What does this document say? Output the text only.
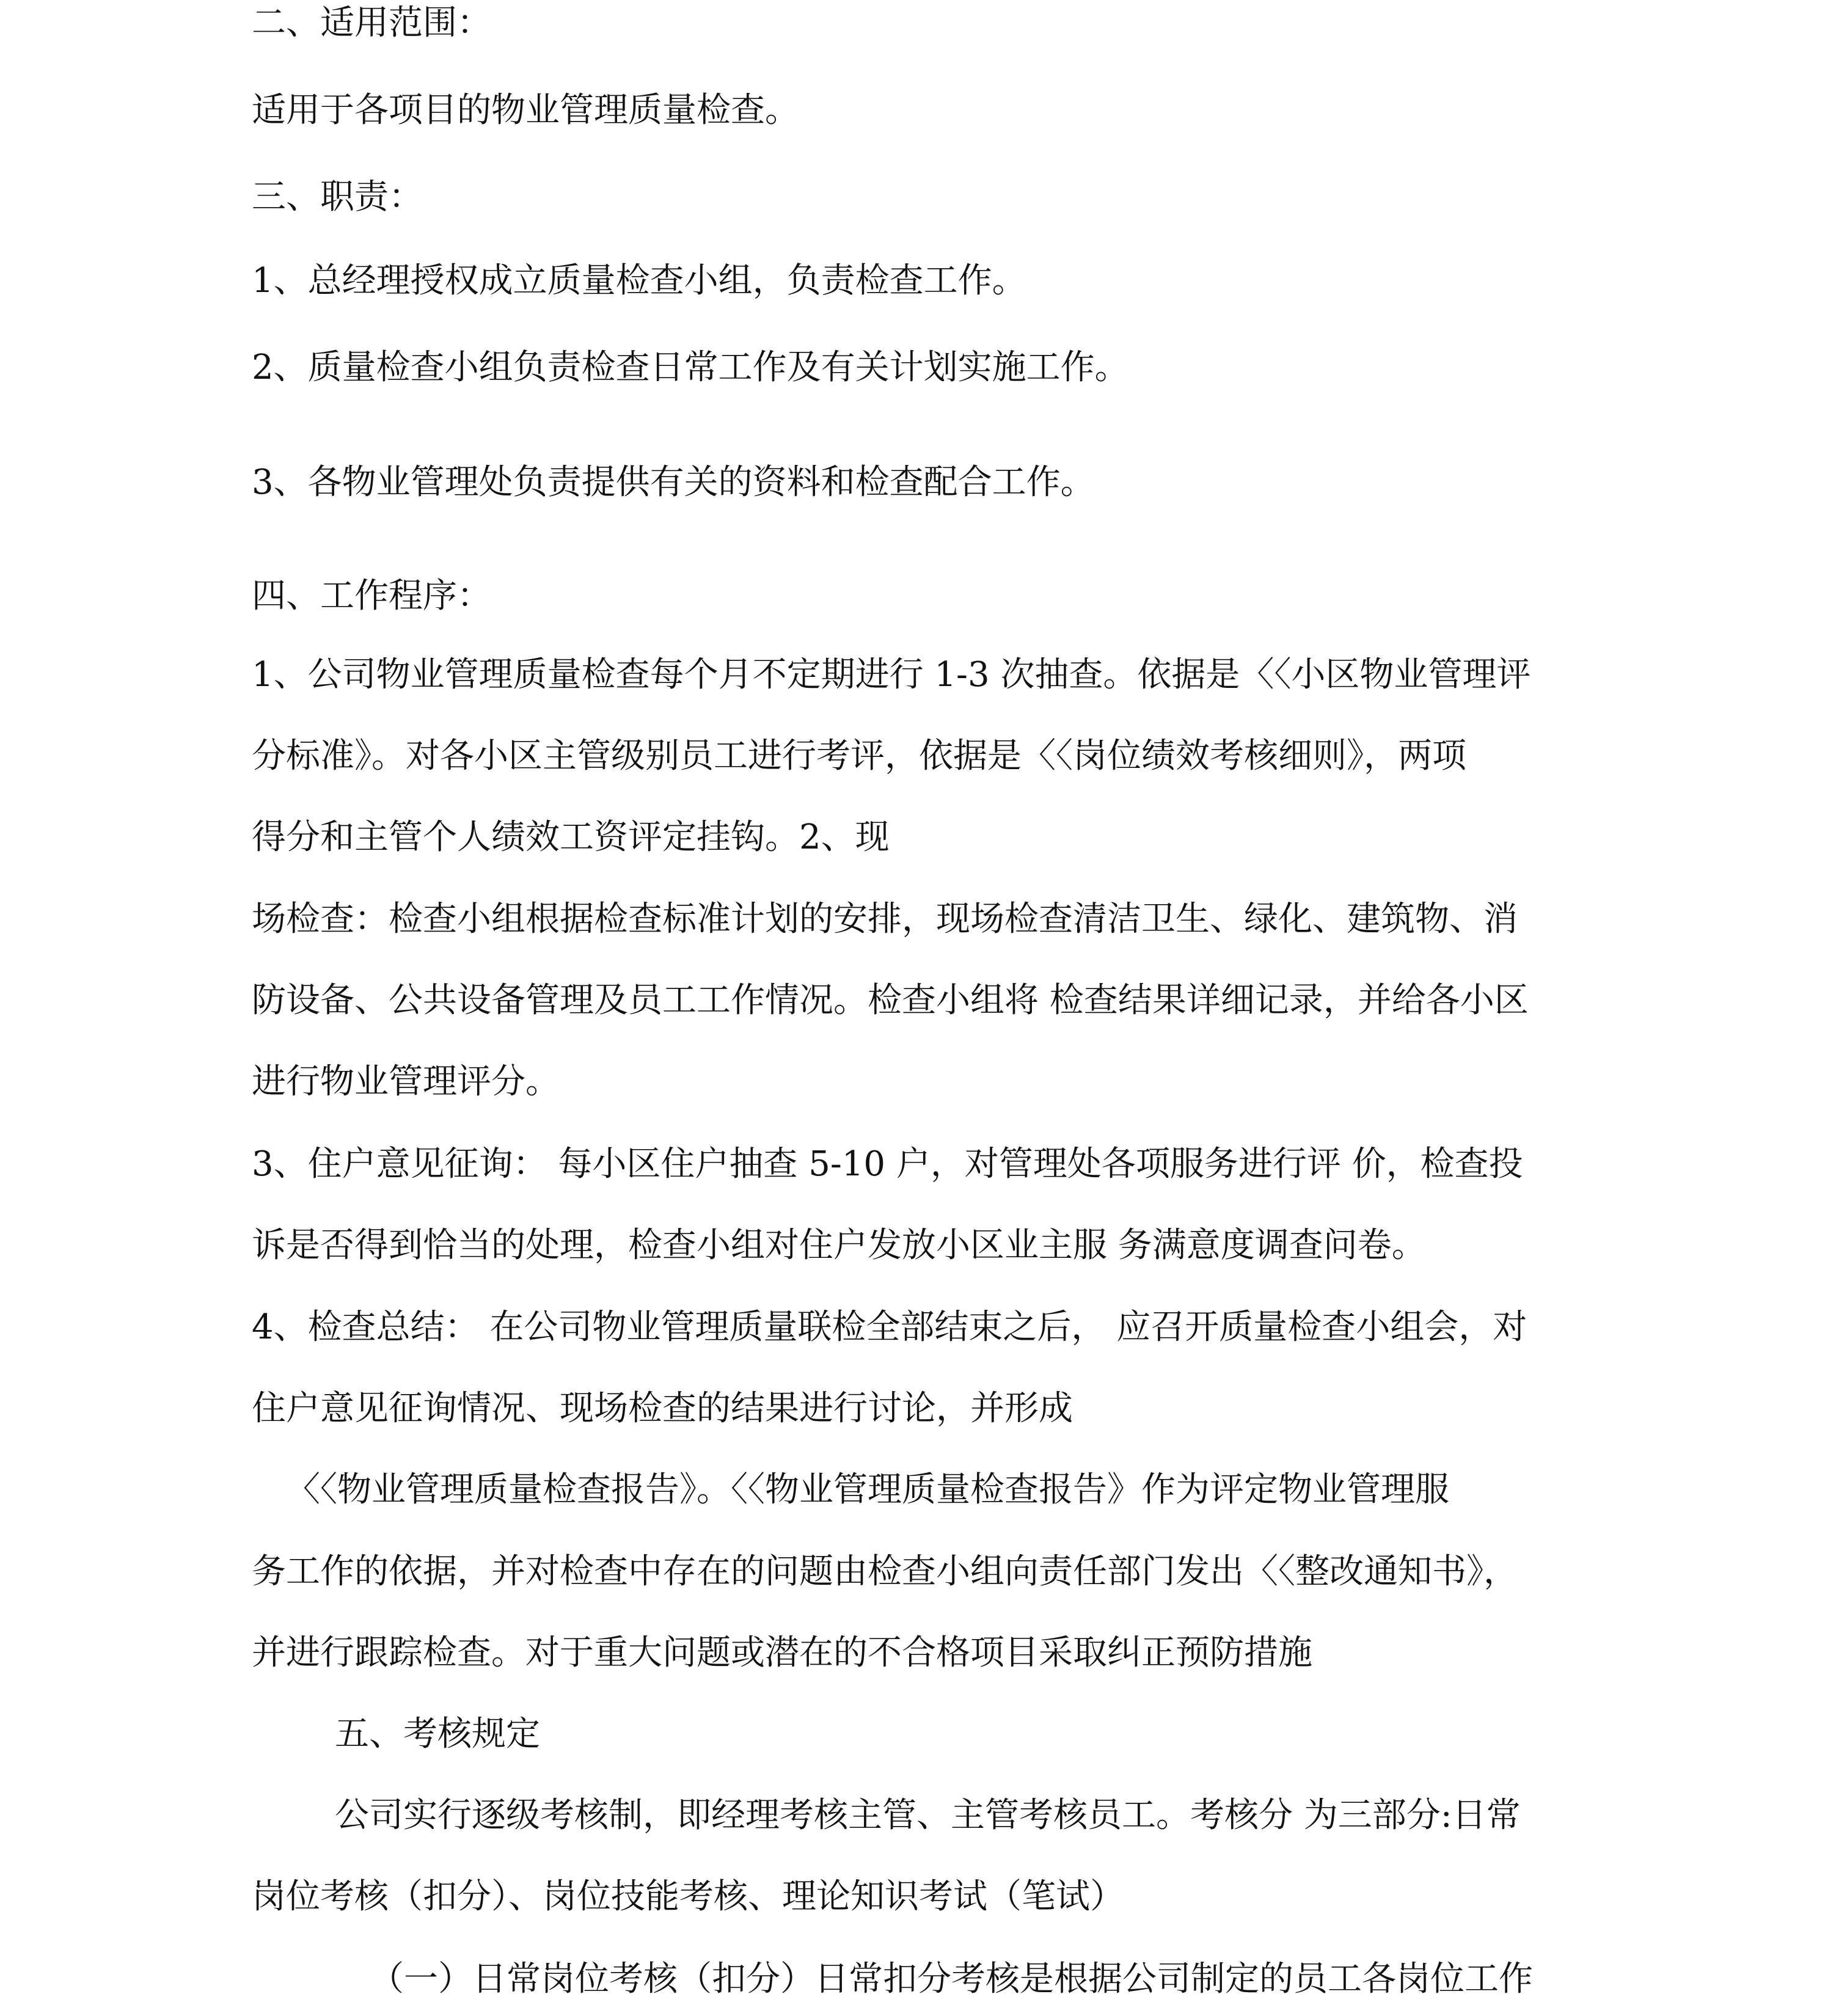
二、适用范围：

适用于各项目的物业管理质量检查。

三、职责：

1、总经理授权成立质量检查小组，负责检查工作。

2、质量检查小组负责检查日常工作及有关计划实施工作。

3、各物业管理处负责提供有关的资料和检查配合工作。

四、工作程序：

1、公司物业管理质量检查每个月不定期进行 1-3 次抽查。依据是〈〈小区物业管理评

分标准》。对各小区主管级别员工进行考评，依据是〈〈岗位绩效考核细则》，两项

得分和主管个人绩效工资评定挂钩。2、现

场检查：检查小组根据检查标准计划的安排，现场检查清洁卫生、绿化、建筑物、消

防设备、公共设备管理及员工工作情况。检查小组将 检查结果详细记录，并给各小区

进行物业管理评分。

3、住户意见征询： 每小区住户抽查 5-10 户，对管理处各项服务进行评 价，检查投

诉是否得到恰当的处理，检查小组对住户发放小区业主服 务满意度调查问卷。

4、检查总结： 在公司物业管理质量联检全部结束之后， 应召开质量检查小组会，对

住户意见征询情况、现场检查的结果进行讨论，并形成

〈〈物业管理质量检查报告》。〈〈物业管理质量检查报告》作为评定物业管理服

务工作的依据，并对检查中存在的问题由检查小组向责任部门发出〈〈整改通知书》，

并进行跟踪检查。对于重大问题或潜在的不合格项目采取纠正预防措施

五、考核规定

公司实行逐级考核制，即经理考核主管、主管考核员工。考核分 为三部分:日常

岗位考核（扣分）、岗位技能考核、理论知识考试（笔试）

（一）日常岗位考核（扣分）日常扣分考核是根据公司制定的员工各岗位工作
